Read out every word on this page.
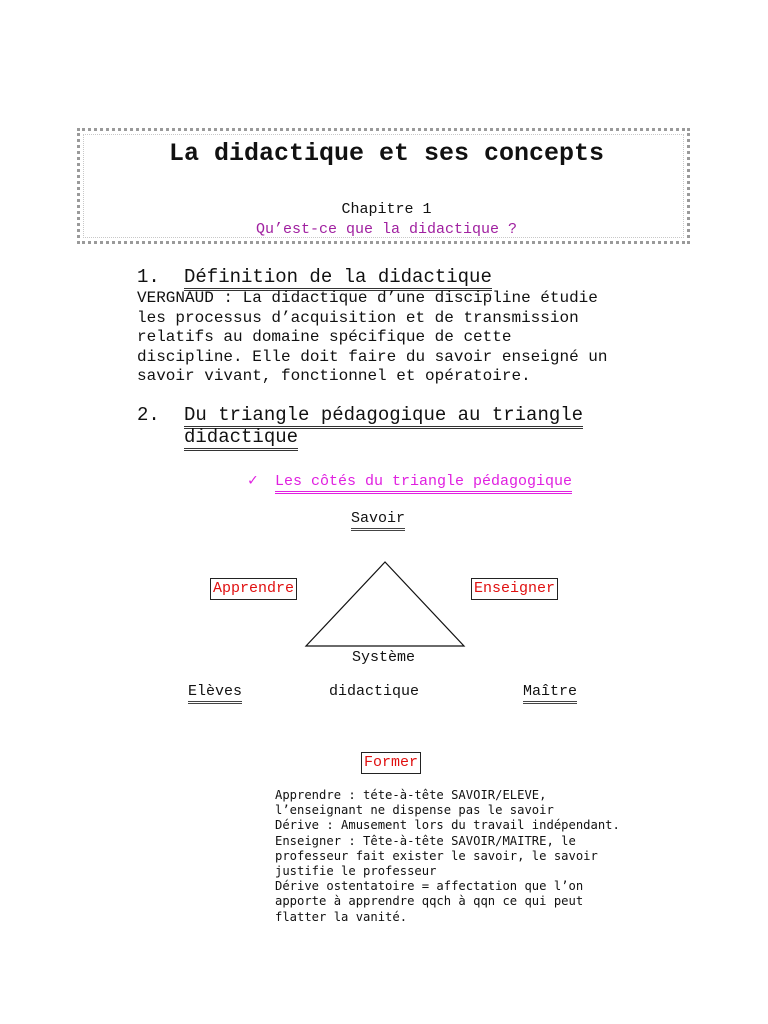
La didactique et ses concepts
Chapitre 1
Qu’est-ce que la didactique ?
1. Définition de la didactique
VERGNAUD : La didactique d’une discipline étudie
les processus d’acquisition et de transmission
relatifs au domaine spécifique de cette
discipline. Elle doit faire du savoir enseigné un
savoir vivant, fonctionnel et opératoire.
2. Du triangle pédagogique au triangle
didactique
✓ Les côtés du triangle pédagogique
Savoir
Apprendre	Enseigner
Système
didactique
Elèves	Maître
Former
Apprendre : téte-à-tête SAVOIR/ELEVE,
l’enseignant ne dispense pas le savoir
Dérive : Amusement lors du travail indépendant.
Enseigner : Tête-à-tête SAVOIR/MAITRE, le
professeur fait exister le savoir, le savoir
justifie le professeur
Dérive ostentatoire = affectation que l’on
apporte à apprendre qqch à qqn ce qui peut
flatter la vanité.
